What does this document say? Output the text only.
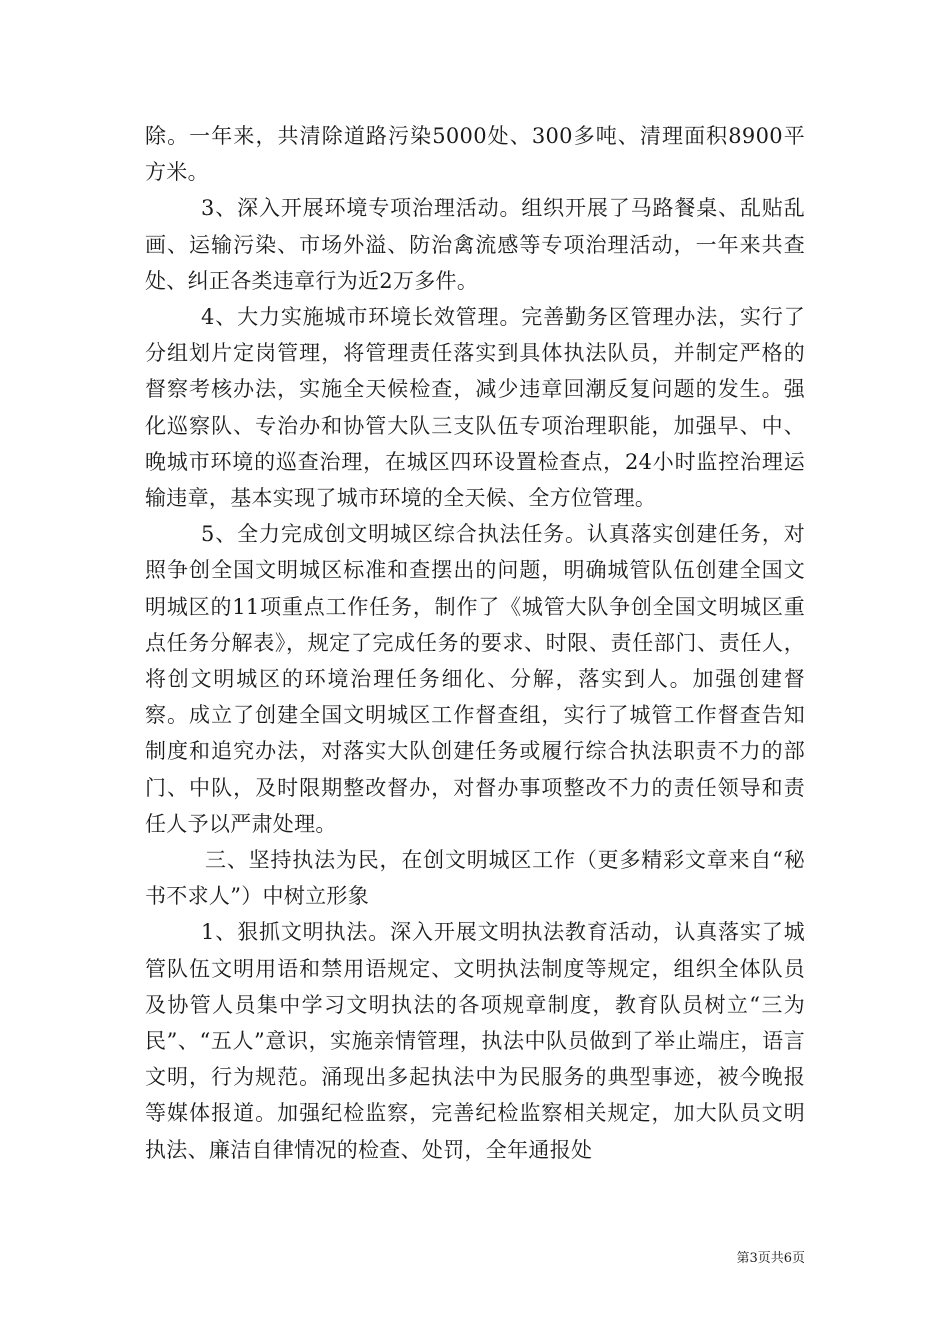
除。一年来，共清除道路污染5000处、300多吨、清理面积8900平方米。

3、深入开展环境专项治理活动。组织开展了马路餐桌、乱贴乱画、运输污染、市场外溢、防治禽流感等专项治理活动，一年来共查处、纠正各类违章行为近2万多件。

4、大力实施城市环境长效管理。完善勤务区管理办法，实行了分组划片定岗管理，将管理责任落实到具体执法队员，并制定严格的督察考核办法，实施全天候检查，减少违章回潮反复问题的发生。强化巡察队、专治办和协管大队三支队伍专项治理职能，加强早、中、晚城市环境的巡查治理，在城区四环设置检查点，24小时监控治理运输违章，基本实现了城市环境的全天候、全方位管理。

5、全力完成创文明城区综合执法任务。认真落实创建任务，对照争创全国文明城区标准和查摆出的问题，明确城管队伍创建全国文明城区的11项重点工作任务，制作了《城管大队争创全国文明城区重点任务分解表》，规定了完成任务的要求、时限、责任部门、责任人，将创文明城区的环境治理任务细化、分解，落实到人。加强创建督察。成立了创建全国文明城区工作督查组，实行了城管工作督查告知制度和追究办法，对落实大队创建任务或履行综合执法职责不力的部门、中队，及时限期整改督办，对督办事项整改不力的责任领导和责任人予以严肃处理。

三、坚持执法为民，在创文明城区工作（更多精彩文章来自“秘书不求人”）中树立形象

1、狠抓文明执法。深入开展文明执法教育活动，认真落实了城管队伍文明用语和禁用语规定、文明执法制度等规定，组织全体队员及协管人员集中学习文明执法的各项规章制度，教育队员树立“三为民”、“五人”意识，实施亲情管理，执法中队员做到了举止端庄，语言文明，行为规范。涌现出多起执法中为民服务的典型事迹，被今晚报等媒体报道。加强纪检监察，完善纪检监察相关规定，加大队员文明执法、廉洁自律情况的检查、处罚，全年通报处

第3页共6页
